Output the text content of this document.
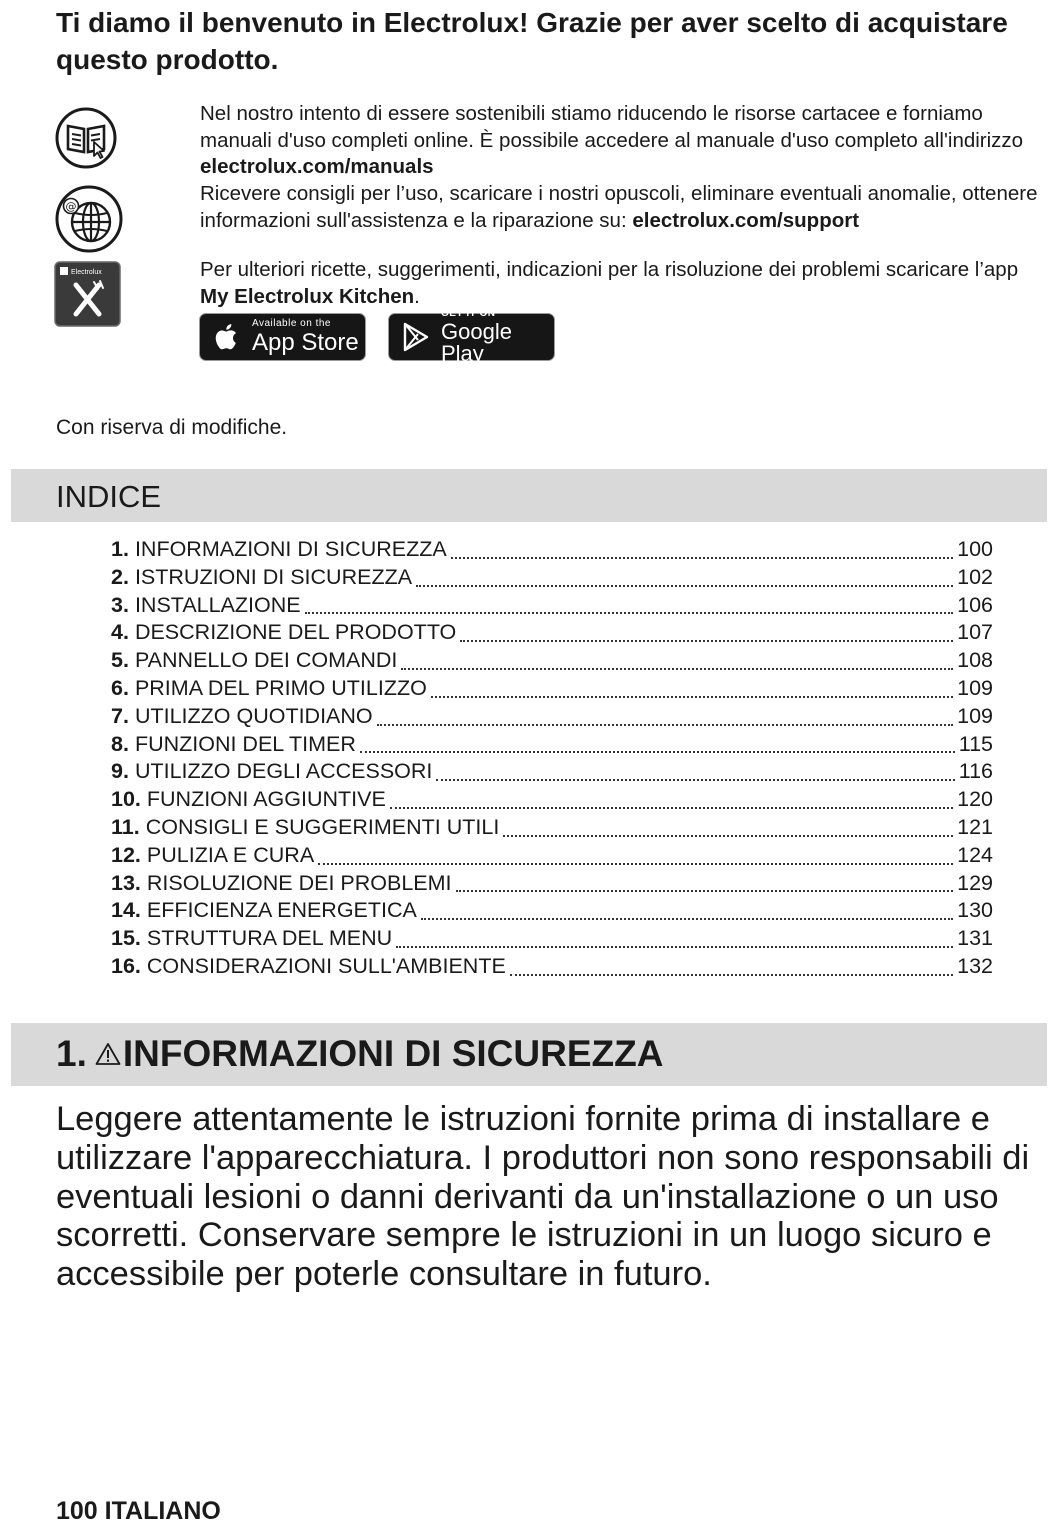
Ti diamo il benvenuto in Electrolux! Grazie per aver scelto di acquistare questo prodotto.
@
Electrolux

Nel nostro intento di essere sostenibili stiamo riducendo le risorse cartacee e forniamo manuali d'uso completi online. È possibile accedere al manuale d'uso completo all'indirizzo electrolux.com/manuals

Ricevere consigli per l’uso, scaricare i nostri opuscoli, eliminare eventuali anomalie, ottenere informazioni sull'assistenza e la riparazione su: electrolux.com/support

Per ulteriori ricette, suggerimenti, indicazioni per la risoluzione dei problemi scaricare l’app My Electrolux Kitchen.

Available on the
App Store
GET IT ON
Google Play

Con riserva di modifiche.

INDICE
1. INFORMAZIONI DI SICUREZZA	100
2. ISTRUZIONI DI SICUREZZA	102
3. INSTALLAZIONE	106
4. DESCRIZIONE DEL PRODOTTO	107
5. PANNELLO DEI COMANDI	108
6. PRIMA DEL PRIMO UTILIZZO	109
7. UTILIZZO QUOTIDIANO	109
8. FUNZIONI DEL TIMER	115
9. UTILIZZO DEGLI ACCESSORI	116
10. FUNZIONI AGGIUNTIVE	120
11. CONSIGLI E SUGGERIMENTI UTILI	121
12. PULIZIA E CURA	124
13. RISOLUZIONE DEI PROBLEMI	129
14. EFFICIENZA ENERGETICA	130
15. STRUTTURA DEL MENU	131
16. CONSIDERAZIONI SULL'AMBIENTE	132
1. INFORMAZIONI DI SICUREZZA

Leggere attentamente le istruzioni fornite prima di installare e utilizzare l'apparecchiatura. I produttori non sono responsabili di eventuali lesioni o danni derivanti da un'installazione o un uso scorretti. Conservare sempre le istruzioni in un luogo sicuro e accessibile per poterle consultare in futuro.

100 ITALIANO
